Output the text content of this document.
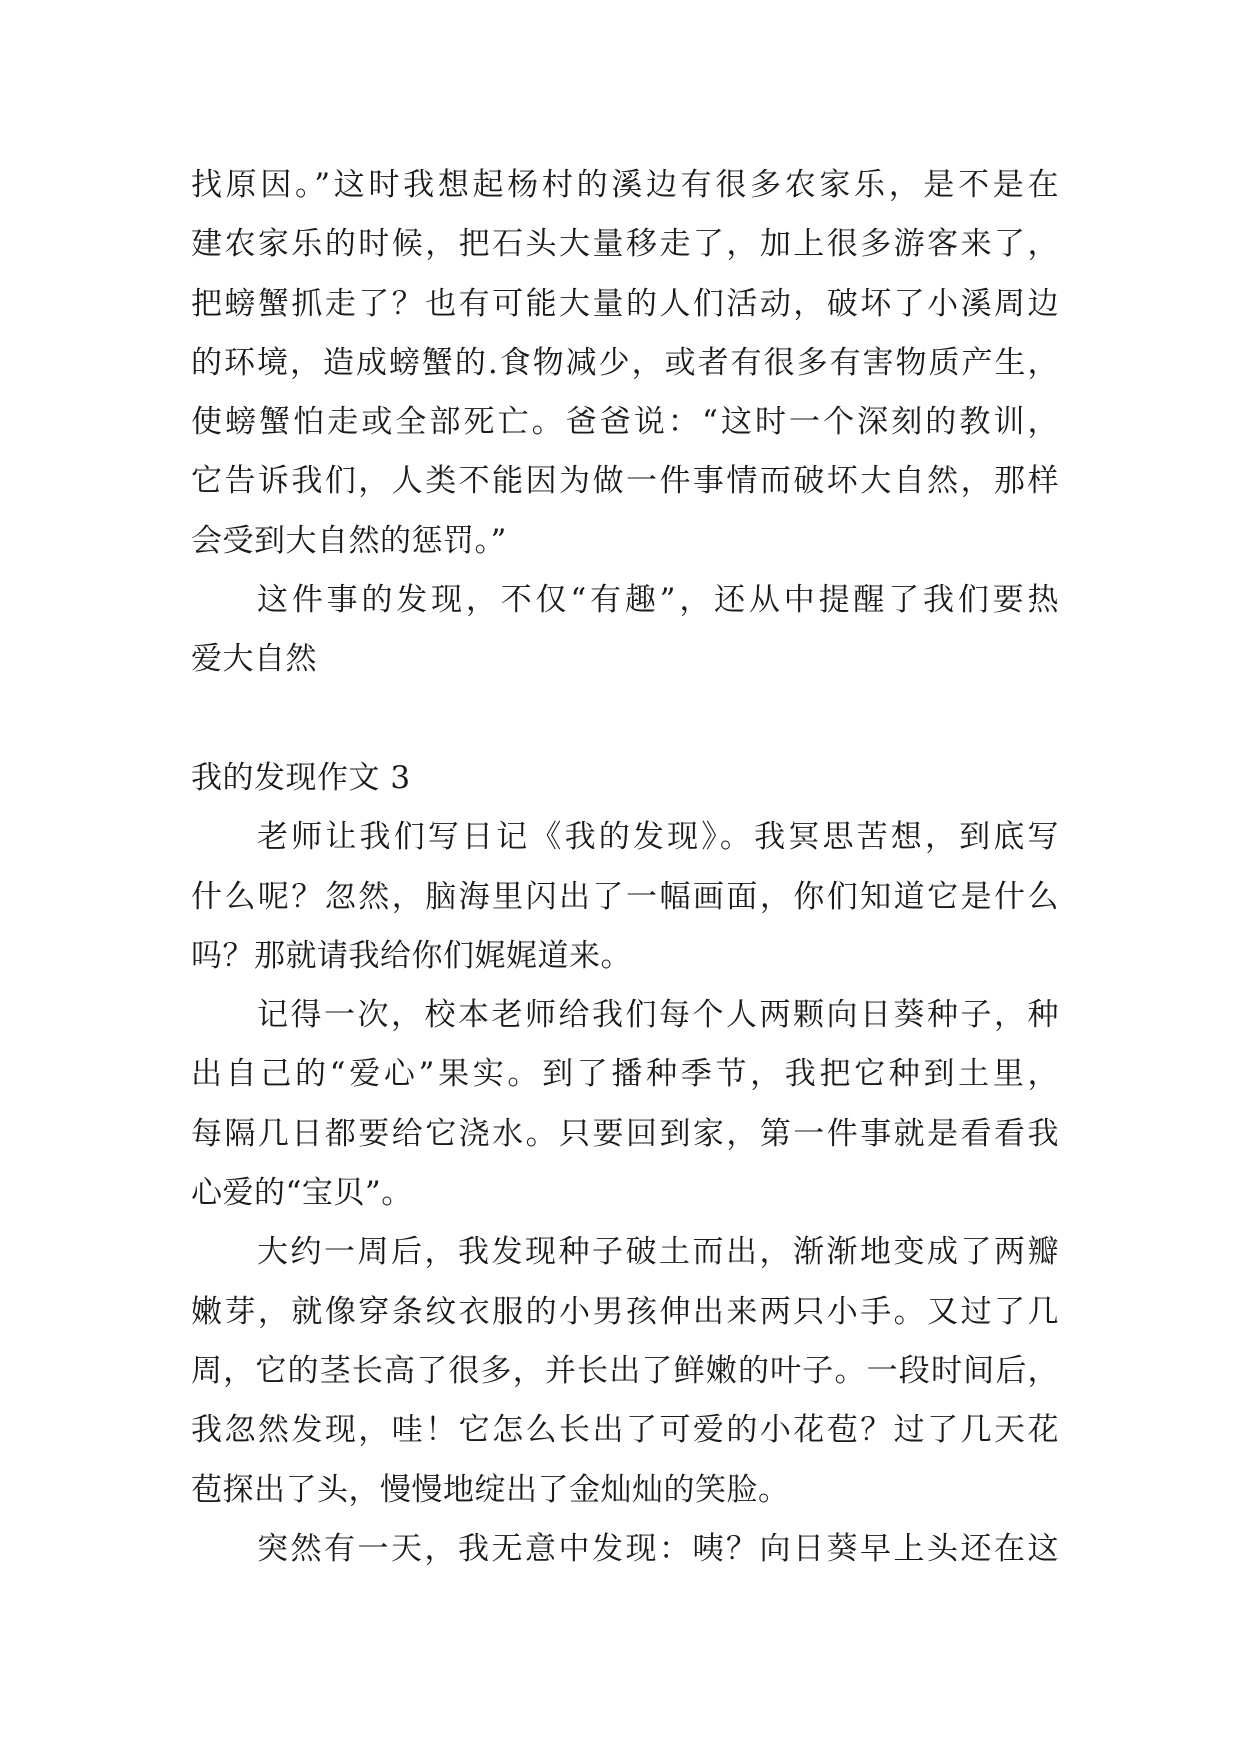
找原因。”这时我想起杨村的溪边有很多农家乐，是不是在
建农家乐的时候，把石头大量移走了，加上很多游客来了，
把螃蟹抓走了？也有可能大量的人们活动，破坏了小溪周边
的环境，造成螃蟹的.食物减少，或者有很多有害物质产生，
使螃蟹怕走或全部死亡。爸爸说：“这时一个深刻的教训，
它告诉我们，人类不能因为做一件事情而破坏大自然，那样
会受到大自然的惩罚。”
这件事的发现，不仅“有趣”，还从中提醒了我们要热
爱大自然
我的发现作文 3
老师让我们写日记《我的发现》。我冥思苦想，到底写
什么呢？忽然，脑海里闪出了一幅画面，你们知道它是什么
吗？那就请我给你们娓娓道来。
记得一次，校本老师给我们每个人两颗向日葵种子，种
出自己的“爱心”果实。到了播种季节，我把它种到土里，
每隔几日都要给它浇水。只要回到家，第一件事就是看看我
心爱的“宝贝”。
大约一周后，我发现种子破土而出，渐渐地变成了两瓣
嫩芽，就像穿条纹衣服的小男孩伸出来两只小手。又过了几
周，它的茎长高了很多，并长出了鲜嫩的叶子。一段时间后，
我忽然发现，哇！它怎么长出了可爱的小花苞？过了几天花
苞探出了头，慢慢地绽出了金灿灿的笑脸。
突然有一天，我无意中发现：咦？向日葵早上头还在这
